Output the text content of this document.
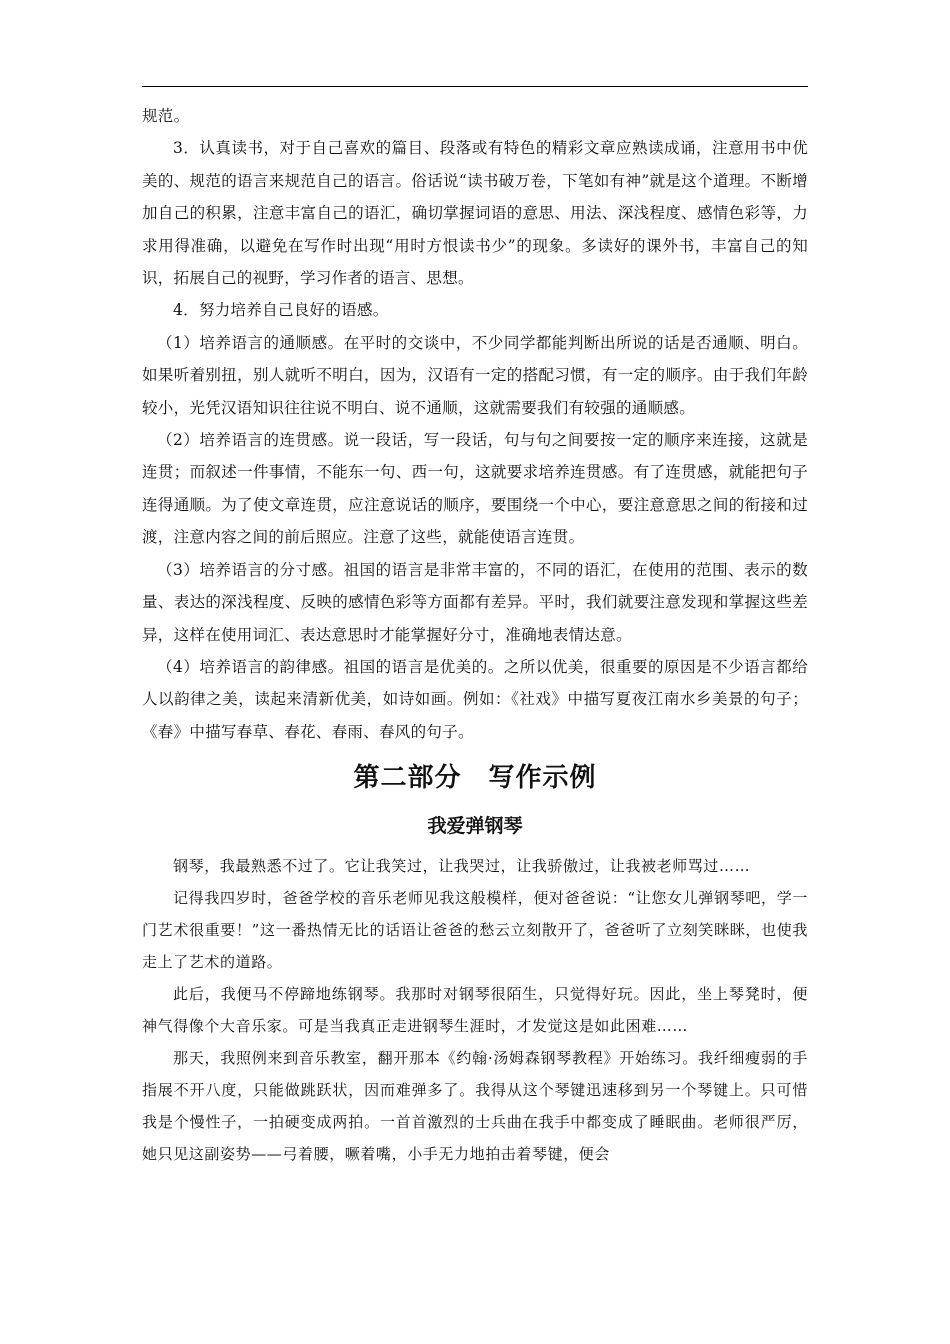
规范。

3．认真读书，对于自己喜欢的篇目、段落或有特色的精彩文章应熟读成诵，注意用书中优美的、规范的语言来规范自己的语言。俗话说“读书破万卷，下笔如有神”就是这个道理。不断增加自己的积累，注意丰富自己的语汇，确切掌握词语的意思、用法、深浅程度、感情色彩等，力求用得准确，以避免在写作时出现“用时方恨读书少”的现象。多读好的课外书，丰富自己的知识，拓展自己的视野，学习作者的语言、思想。

4．努力培养自己良好的语感。

（1）培养语言的通顺感。在平时的交谈中，不少同学都能判断出所说的话是否通顺、明白。如果听着别扭，别人就听不明白，因为，汉语有一定的搭配习惯，有一定的顺序。由于我们年龄较小，光凭汉语知识往往说不明白、说不通顺，这就需要我们有较强的通顺感。

（2）培养语言的连贯感。说一段话，写一段话，句与句之间要按一定的顺序来连接，这就是连贯；而叙述一件事情，不能东一句、西一句，这就要求培养连贯感。有了连贯感，就能把句子连得通顺。为了使文章连贯，应注意说话的顺序，要围绕一个中心，要注意意思之间的衔接和过渡，注意内容之间的前后照应。注意了这些，就能使语言连贯。

（3）培养语言的分寸感。祖国的语言是非常丰富的，不同的语汇，在使用的范围、表示的数量、表达的深浅程度、反映的感情色彩等方面都有差异。平时，我们就要注意发现和掌握这些差异，这样在使用词汇、表达意思时才能掌握好分寸，准确地表情达意。

（4）培养语言的韵律感。祖国的语言是优美的。之所以优美，很重要的原因是不少语言都给人以韵律之美，读起来清新优美，如诗如画。例如：《社戏》中描写夏夜江南水乡美景的句子；《春》中描写春草、春花、春雨、春风的句子。

第二部分　写作示例
我爱弹钢琴

钢琴，我最熟悉不过了。它让我笑过，让我哭过，让我骄傲过，让我被老师骂过……

记得我四岁时，爸爸学校的音乐老师见我这般模样，便对爸爸说：“让您女儿弹钢琴吧，学一门艺术很重要！”这一番热情无比的话语让爸爸的愁云立刻散开了，爸爸听了立刻笑眯眯，也使我走上了艺术的道路。

此后，我便马不停蹄地练钢琴。我那时对钢琴很陌生，只觉得好玩。因此，坐上琴凳时，便神气得像个大音乐家。可是当我真正走进钢琴生涯时，才发觉这是如此困难……

那天，我照例来到音乐教室，翻开那本《约翰·汤姆森钢琴教程》开始练习。我纤细瘦弱的手指展不开八度，只能做跳跃状，因而难弹多了。我得从这个琴键迅速移到另一个琴键上。只可惜我是个慢性子，一拍硬变成两拍。一首首激烈的士兵曲在我手中都变成了睡眠曲。老师很严厉，她只见这副姿势——弓着腰，噘着嘴，小手无力地拍击着琴键，便会
